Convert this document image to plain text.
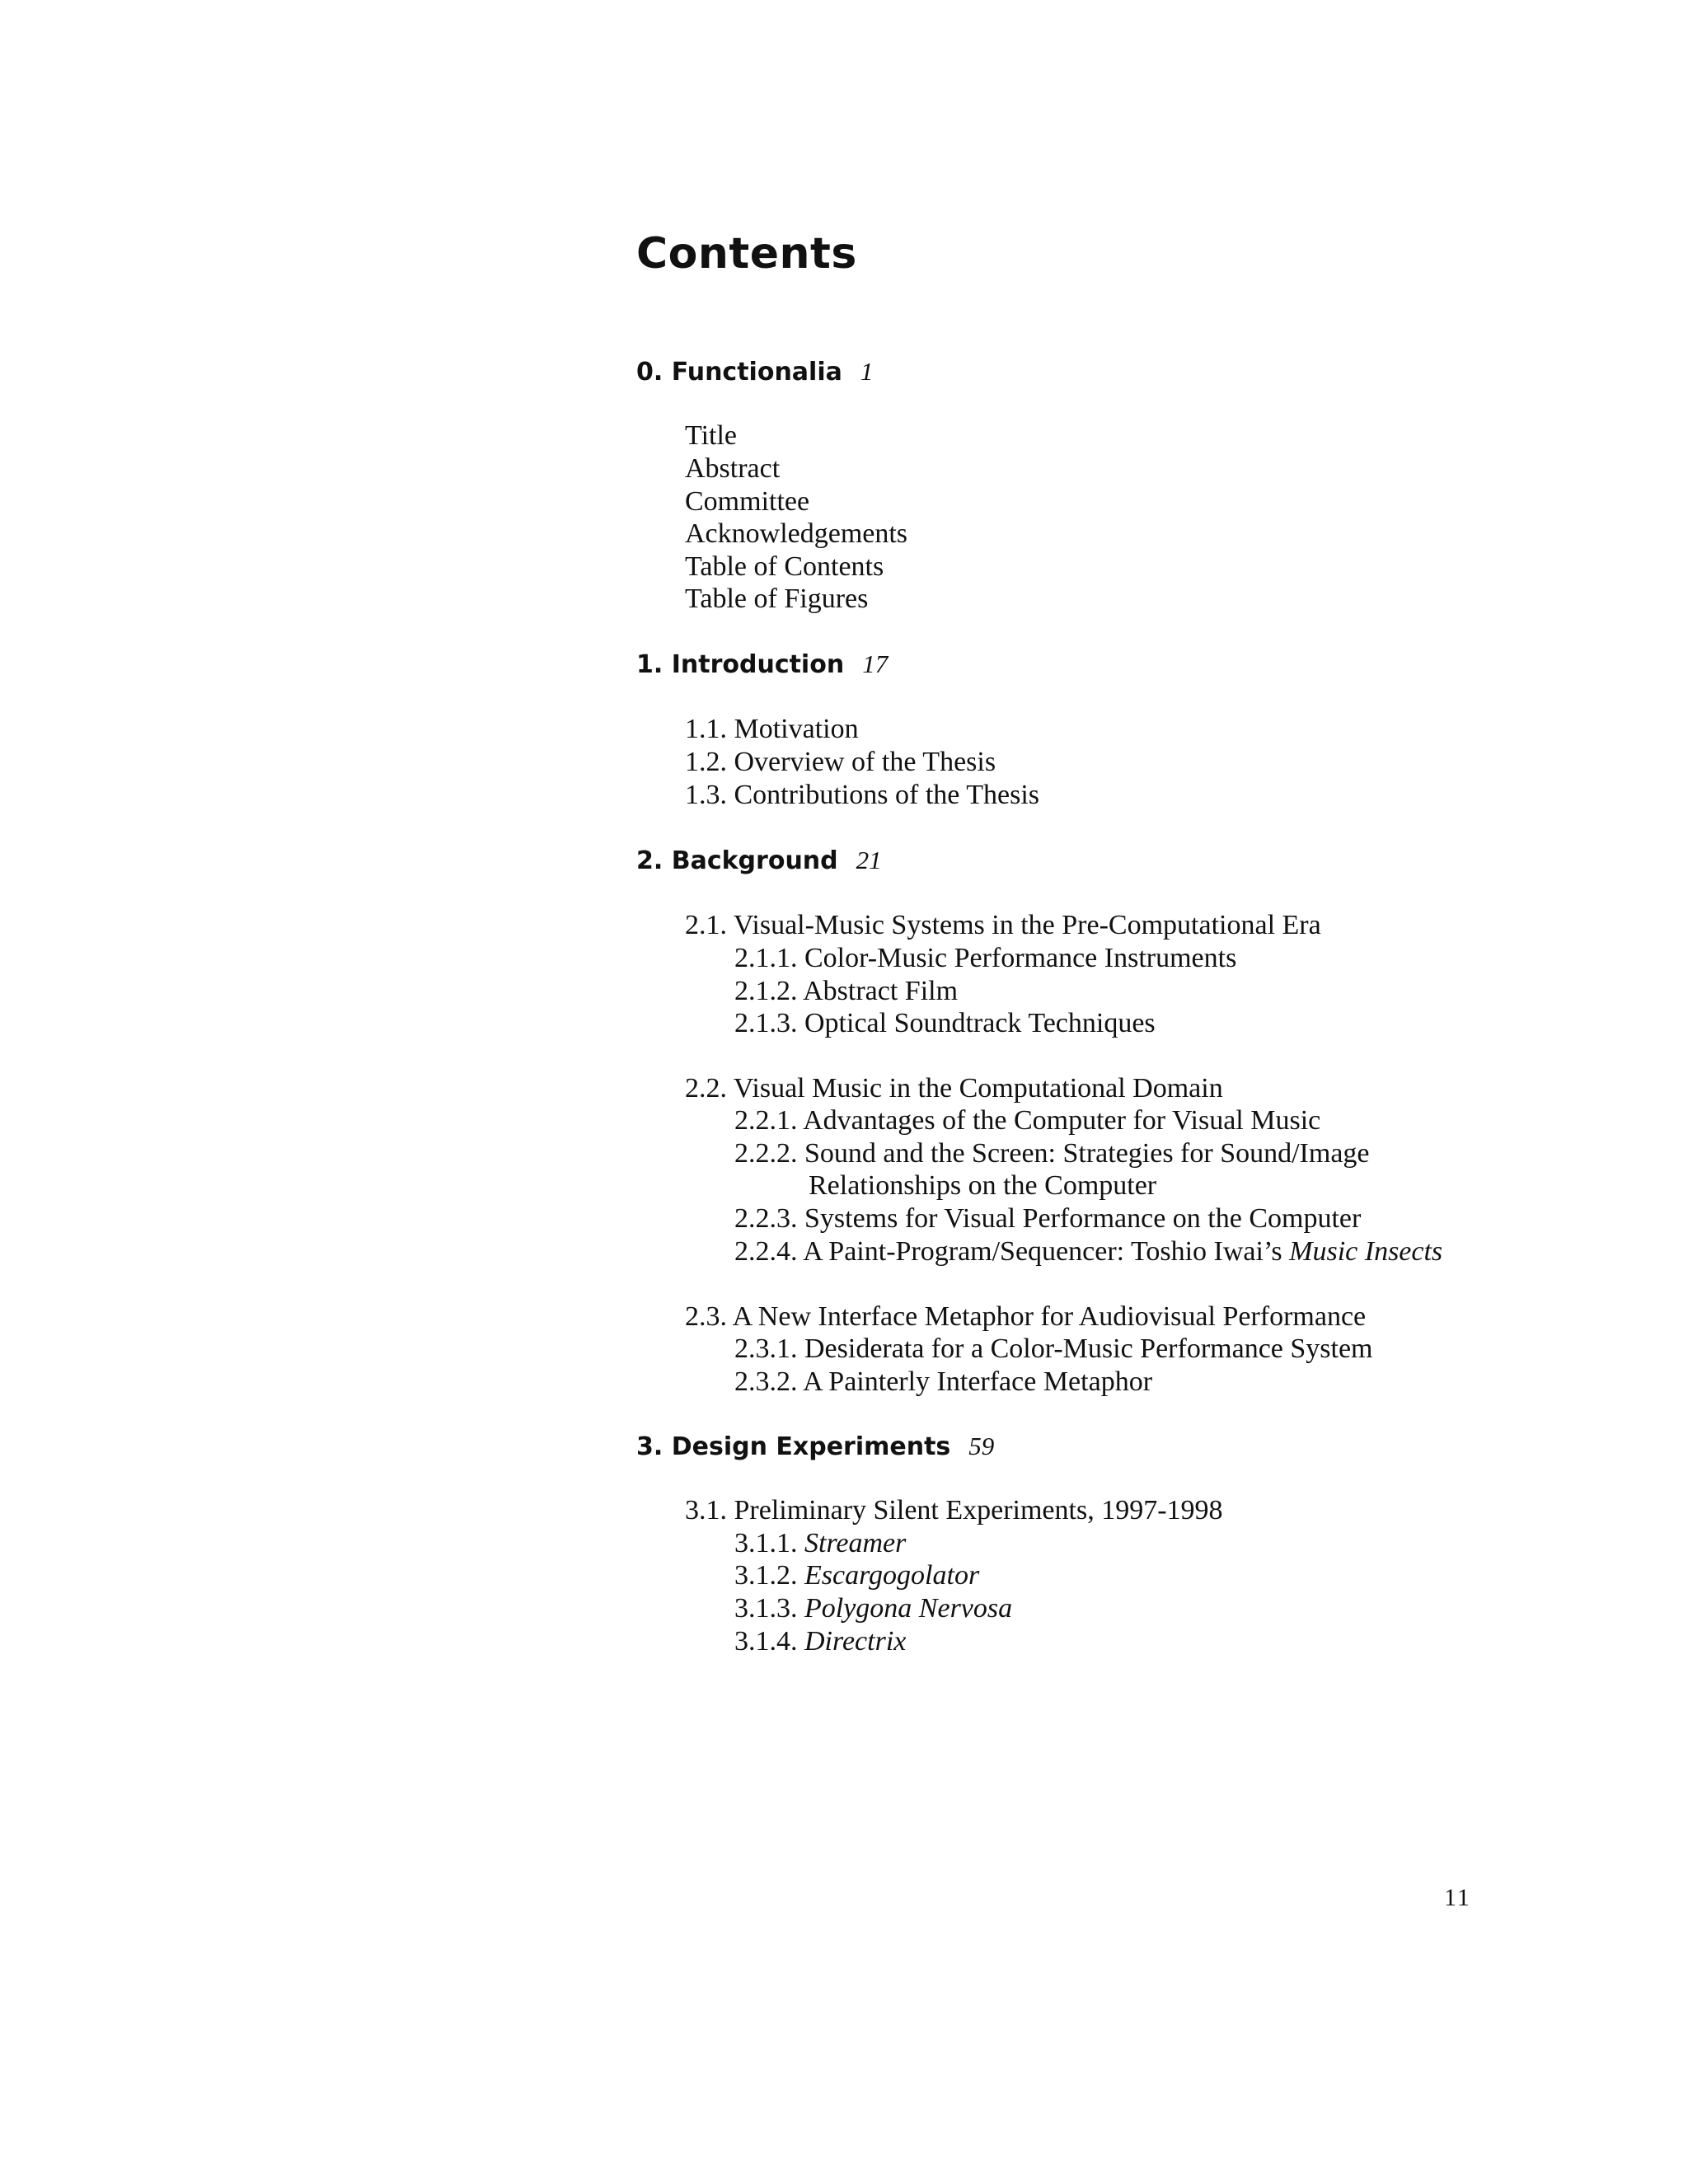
Contents
0. Functionalia 1
Title
Abstract
Committee
Acknowledgements
Table of Contents
Table of Figures
1. Introduction 17
1.1. Motivation
1.2. Overview of the Thesis
1.3. Contributions of the Thesis
2. Background 21
2.1. Visual-Music Systems in the Pre-Computational Era
2.1.1. Color-Music Performance Instruments
2.1.2. Abstract Film
2.1.3. Optical Soundtrack Techniques
2.2. Visual Music in the Computational Domain
2.2.1. Advantages of the Computer for Visual Music
2.2.2. Sound and the Screen: Strategies for Sound/Image
Relationships on the Computer
2.2.3. Systems for Visual Performance on the Computer
2.2.4. A Paint-Program/Sequencer: Toshio Iwai’s Music Insects
2.3. A New Interface Metaphor for Audiovisual Performance
2.3.1. Desiderata for a Color-Music Performance System
2.3.2. A Painterly Interface Metaphor
3. Design Experiments 59
3.1. Preliminary Silent Experiments, 1997-1998
3.1.1. Streamer
3.1.2. Escargogolator
3.1.3. Polygona Nervosa
3.1.4. Directrix
11
